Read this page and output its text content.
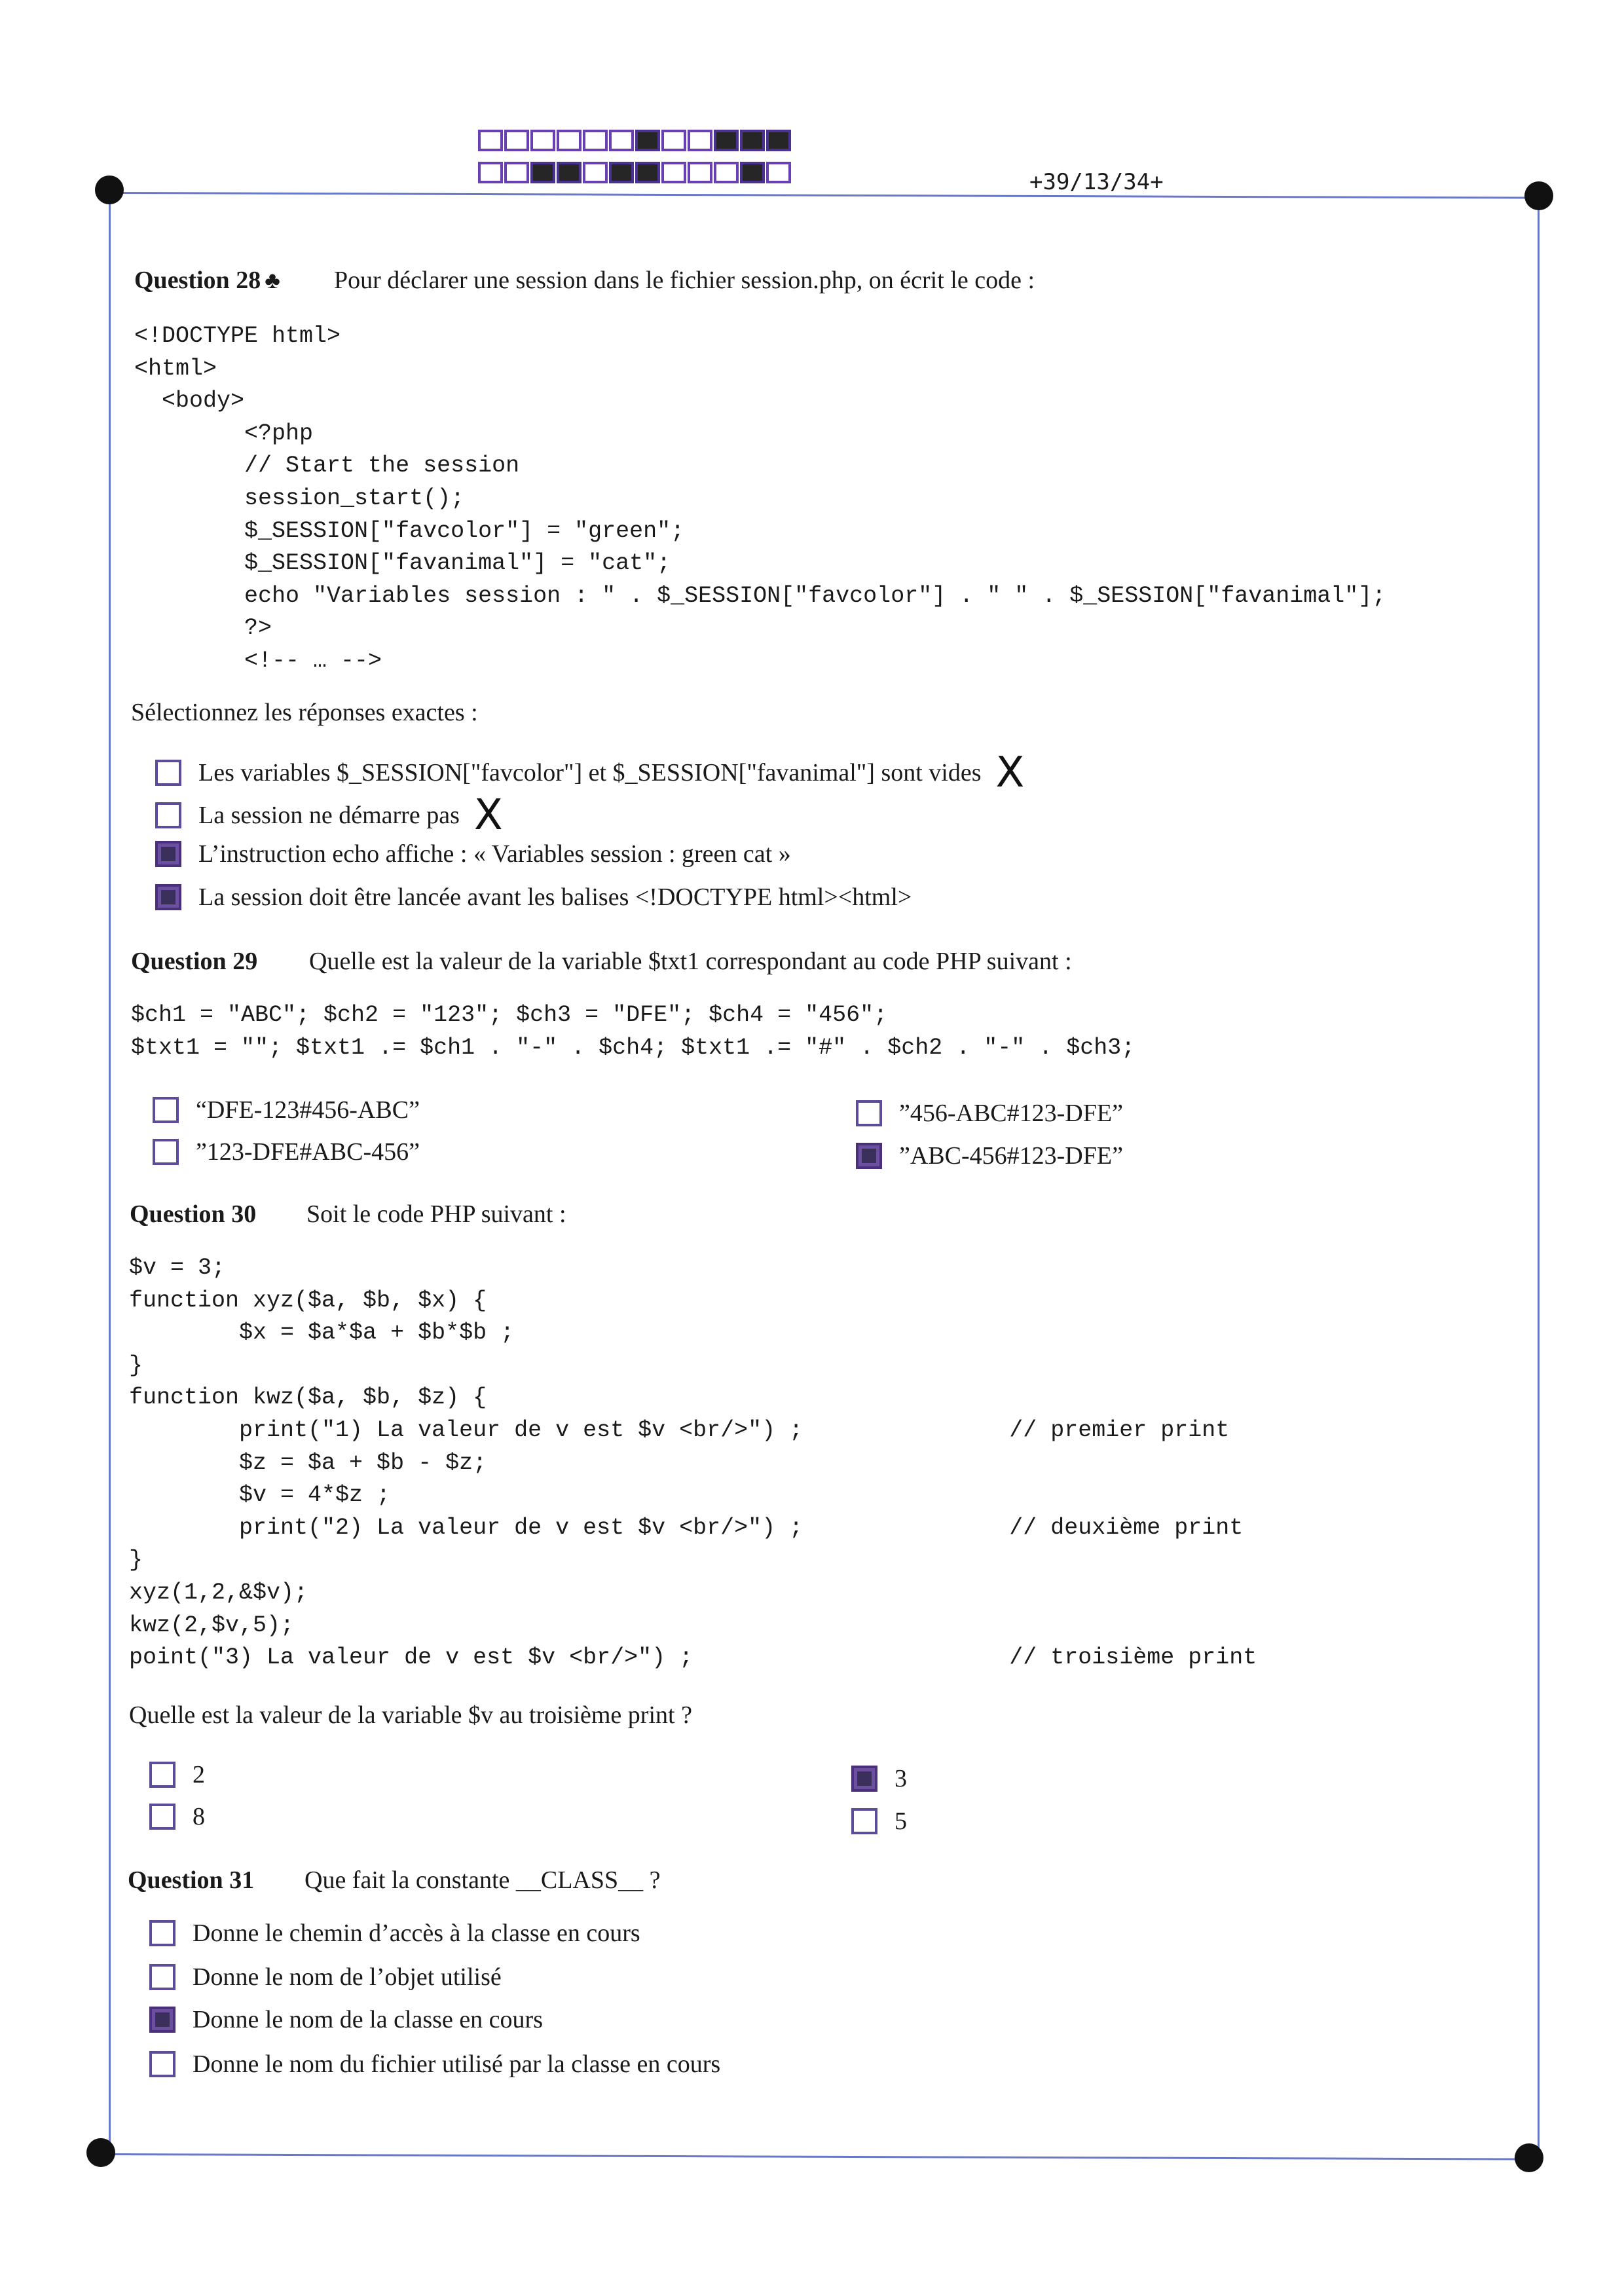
+39/13/34+
Question 28 ♣ Pour déclarer une session dans le fichier session.php, on écrit le code :
<!DOCTYPE html>
<html>
<body>
<?php
// Start the session
session_start();
$_SESSION["favcolor"] = "green";
$_SESSION["favanimal"] = "cat";
echo "Variables session : " . $_SESSION["favcolor"] . " " . $_SESSION["favanimal"];
?>
<!-- … -->
Sélectionnez les réponses exactes :
Les variables $_SESSION["favcolor"] et $_SESSION["favanimal"] sont vides X
La session ne démarre pas X
L’instruction echo affiche : « Variables session : green cat »
La session doit être lancée avant les balises <!DOCTYPE html><html>
Question 29 Quelle est la valeur de la variable $txt1 correspondant au code PHP suivant :
$ch1 = "ABC"; $ch2 = "123"; $ch3 = "DFE"; $ch4 = "456";
$txt1 = ""; $txt1 .= $ch1 . "-" . $ch4; $txt1 .= "#" . $ch2 . "-" . $ch3;
“DFE-123#456-ABC”
”123-DFE#ABC-456”
”456-ABC#123-DFE”
”ABC-456#123-DFE”
Question 30 Soit le code PHP suivant :
$v = 3;
function xyz($a, $b, $x) {
$x = $a*$a + $b*$b ;
}
function kwz($a, $b, $z) {
print("1) La valeur de v est $v <br/>") ;               // premier print
$z = $a + $b - $z;
$v = 4*$z ;
print("2) La valeur de v est $v <br/>") ;               // deuxième print
}
xyz(1,2,&$v);
kwz(2,$v,5);
point("3) La valeur de v est $v <br/>") ;                       // troisième print
Quelle est la valeur de la variable $v au troisième print ?
2
8
3
5
Question 31 Que fait la constante __CLASS__ ?
Donne le chemin d’accès à la classe en cours
Donne le nom de l’objet utilisé
Donne le nom de la classe en cours
Donne le nom du fichier utilisé par la classe en cours
